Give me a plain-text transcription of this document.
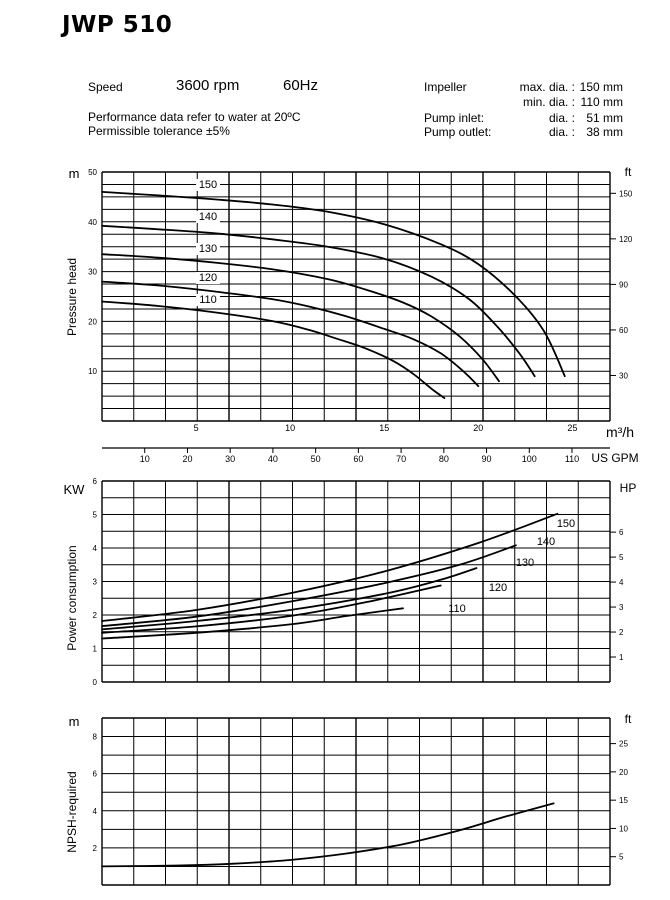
JWP 510
Speed	3600 rpm	60Hz
Performance data refer to water at 20ºC
Permissible tolerance ±5%
Impeller	max. dia. : 150 mm
min. dia. : 110 mm
Pump inlet:	dia. : 51 mm
Pump outlet:	dia. : 38 mm
10
20
30
40
50
30
60
90
120
150
m	ft
Pressure head
150
140
130
120
110
0
1
2
3
4
5
6
1
2
3
4
5
6
KW	HP
Power consumption
150
140
130
120
110
2
4
6
8
5
10
15
20
25
m	ft
NPSH-required
5	10	15	20	25
10	20	30	40	50	60	70	80	90	100	110
m³/h
US GPM
